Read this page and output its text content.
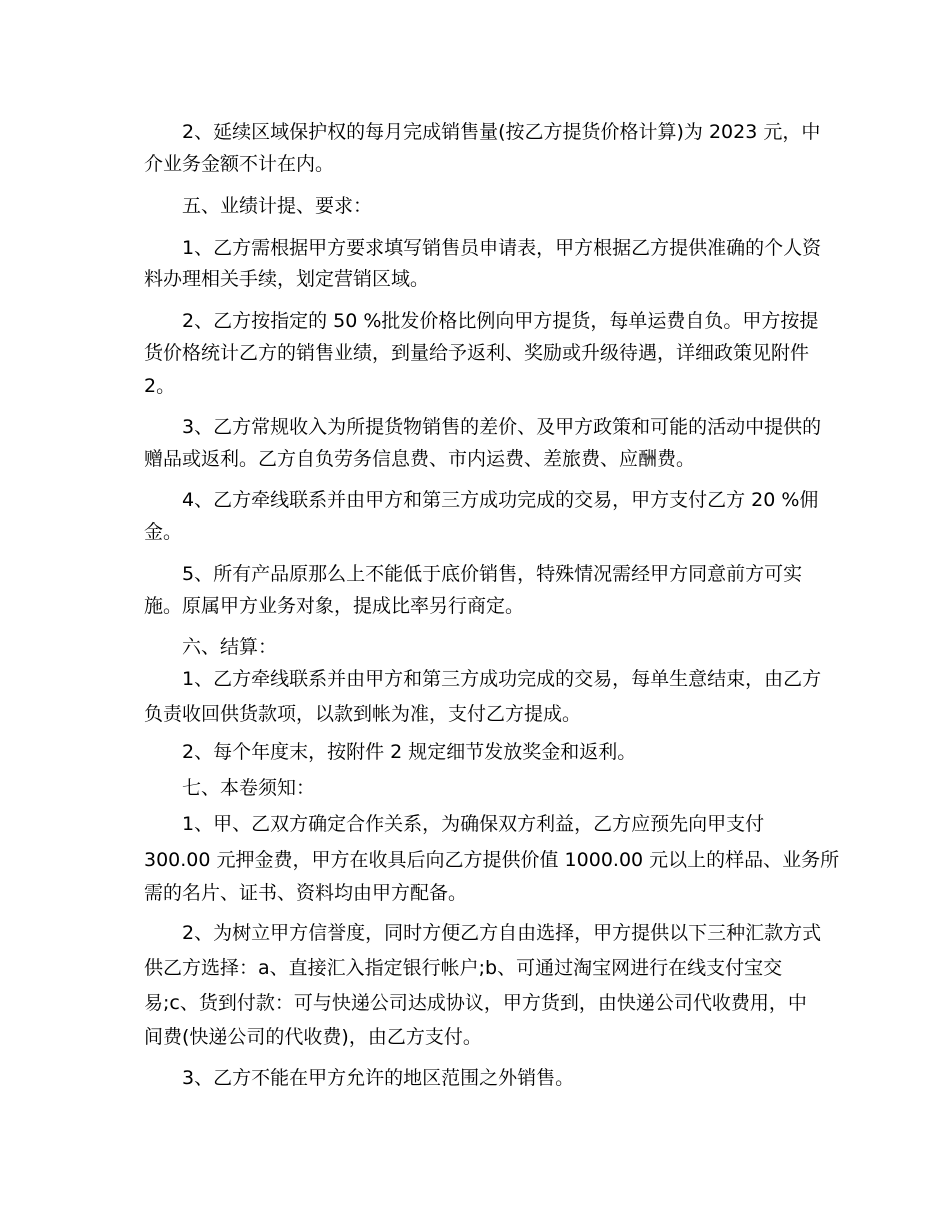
2、延续区域保护权的每月完成销售量(按乙方提货价格计算)为 2023 元，中
介业务金额不计在内。
五、业绩计提、要求：
1、乙方需根据甲方要求填写销售员申请表，甲方根据乙方提供准确的个人资
料办理相关手续，划定营销区域。
2、乙方按指定的 50 %批发价格比例向甲方提货，每单运费自负。甲方按提
货价格统计乙方的销售业绩，到量给予返利、奖励或升级待遇，详细政策见附件
2。
3、乙方常规收入为所提货物销售的差价、及甲方政策和可能的活动中提供的
赠品或返利。乙方自负劳务信息费、市内运费、差旅费、应酬费。
4、乙方牵线联系并由甲方和第三方成功完成的交易，甲方支付乙方 20 %佣
金。
5、所有产品原那么上不能低于底价销售，特殊情况需经甲方同意前方可实
施。原属甲方业务对象，提成比率另行商定。
六、结算：
1、乙方牵线联系并由甲方和第三方成功完成的交易，每单生意结束，由乙方
负责收回供货款项，以款到帐为准，支付乙方提成。
2、每个年度末，按附件 2 规定细节发放奖金和返利。
七、本卷须知：
1、甲、乙双方确定合作关系，为确保双方利益，乙方应预先向甲支付
300.00 元押金费，甲方在收具后向乙方提供价值 1000.00 元以上的样品、业务所
需的名片、证书、资料均由甲方配备。
2、为树立甲方信誉度，同时方便乙方自由选择，甲方提供以下三种汇款方式
供乙方选择：a、直接汇入指定银行帐户;b、可通过淘宝网进行在线支付宝交
易;c、货到付款：可与快递公司达成协议，甲方货到，由快递公司代收费用，中
间费(快递公司的代收费)，由乙方支付。
3、乙方不能在甲方允许的地区范围之外销售。
